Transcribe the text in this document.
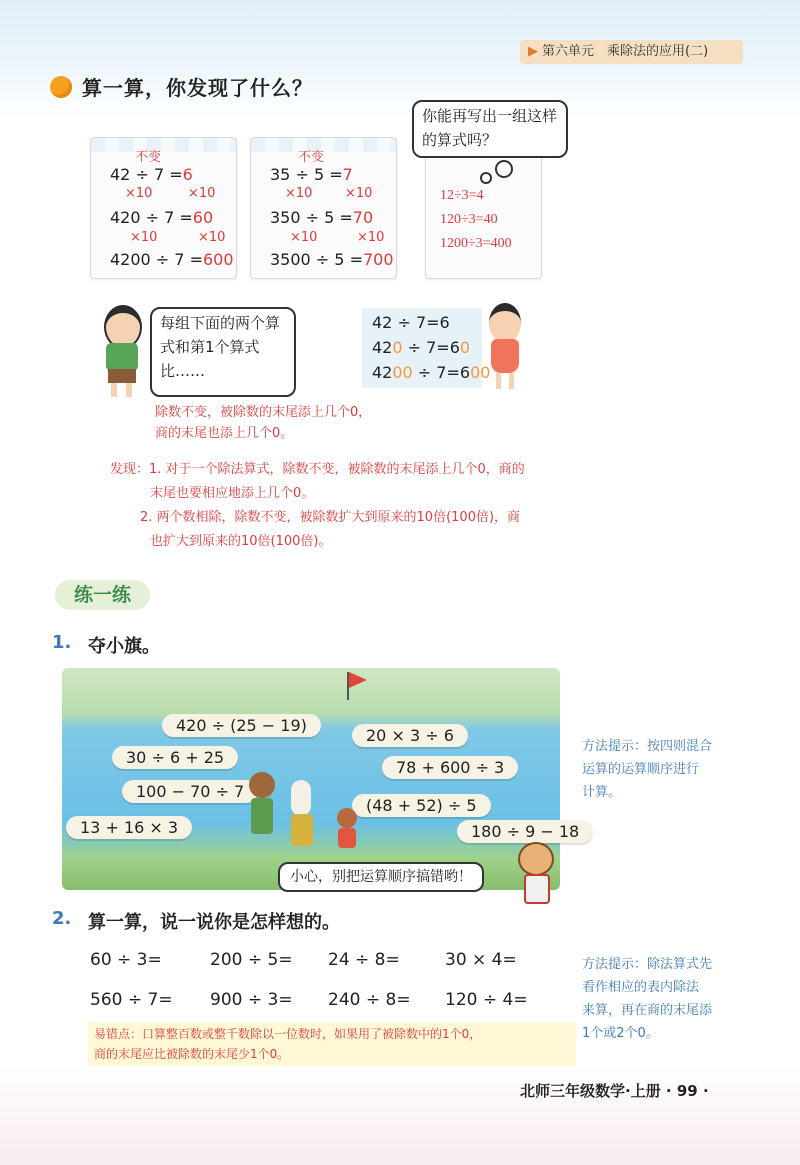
▶ 第六单元　乘除法的应用(二)
算一算，你发现了什么？
不变
42 ÷ 7 =6
×10	×10
420 ÷ 7 =60
×10	×10
4200 ÷ 7 =600
不变
35 ÷ 5 =7
×10	×10
350 ÷ 5 =70
×10	×10
3500 ÷ 5 =700
你能再写出一组这样的算式吗？
12÷3=4
120÷3=40
1200÷3=400
每组下面的两个算式和第1个算式比……
除数不变，被除数的末尾添上几个0，商的末尾也添上几个0。
42 ÷ 7=6
420 ÷ 7=60
4200 ÷ 7=600
发现：1. 对于一个除法算式，除数不变，被除数的末尾添上几个0，商的
末尾也要相应地添上几个0。
2. 两个数相除，除数不变，被除数扩大到原来的10倍(100倍)，商
也扩大到原来的10倍(100倍)。
练一练
1. 夺小旗。
420 ÷ (25 − 19)
20 × 3 ÷ 6
30 ÷ 6 + 25
78 + 600 ÷ 3
100 − 70 ÷ 7
(48 + 52) ÷ 5
13 + 16 × 3	180 ÷ 9 − 18
小心，别把运算顺序搞错哟！
方法提示：按四则混合
运算的运算顺序进行
计算。
2. 算一算，说一说你是怎样想的。
60 ÷ 3=	200 ÷ 5= 24 ÷ 8=	30 × 4=
560 ÷ 7= 900 ÷ 3= 240 ÷ 8= 120 ÷ 4=
易错点：口算整百数或整千数除以一位数时，如果用了被除数中的1个0，
商的末尾应比被除数的末尾少1个0。
方法提示：除法算式先
看作相应的表内除法
来算，再在商的末尾添
1个或2个0。
北师三年级数学·上册 · 99 ·
